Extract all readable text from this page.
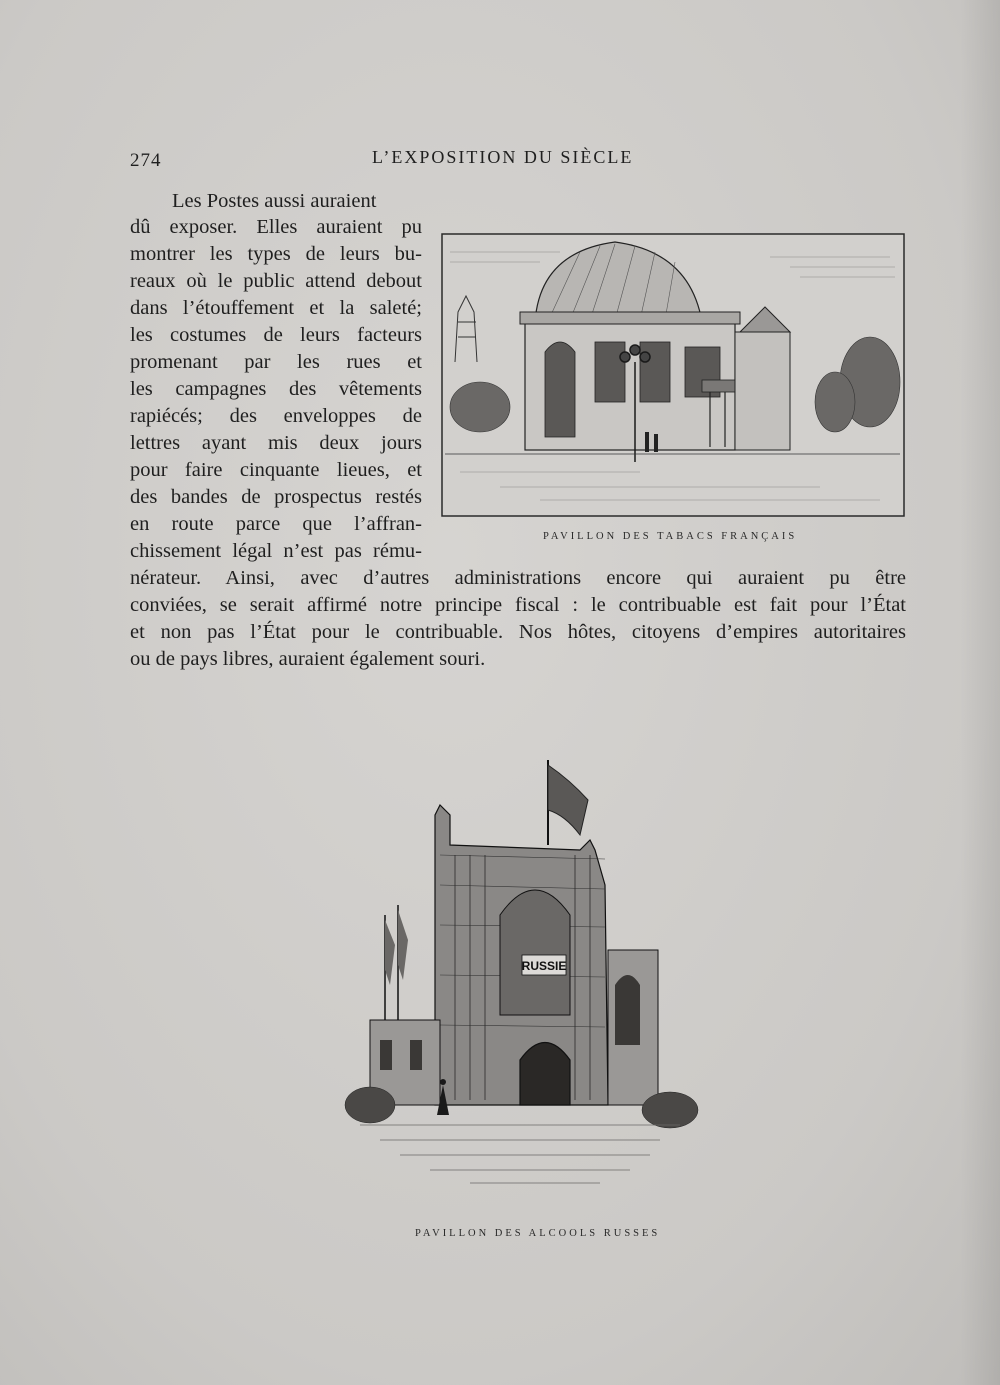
274	L’EXPOSITION DU SIÈCLE
Les Postes aussi auraient
dû exposer. Elles auraient pu
montrer les types de leurs bu-
reaux où le public attend debout
dans l’étouffement et la saleté;
les costumes de leurs facteurs
promenant par les rues et
les campagnes des vêtements
rapiécés; des enveloppes de
lettres ayant mis deux jours
pour faire cinquante lieues, et
des bandes de prospectus restés
en route parce que l’affran-
chissement légal n’est pas rému-
nérateur. Ainsi, avec d’autres administrations encore qui auraient pu être
conviées, se serait affirmé notre principe fiscal : le contribuable est fait pour l’État
et non pas l’État pour le contribuable. Nos hôtes, citoyens d’empires autoritaires
ou de pays libres, auraient également souri.
PAVILLON DES TABACS FRANÇAIS
RUSSIE
PAVILLON DES ALCOOLS RUSSES
